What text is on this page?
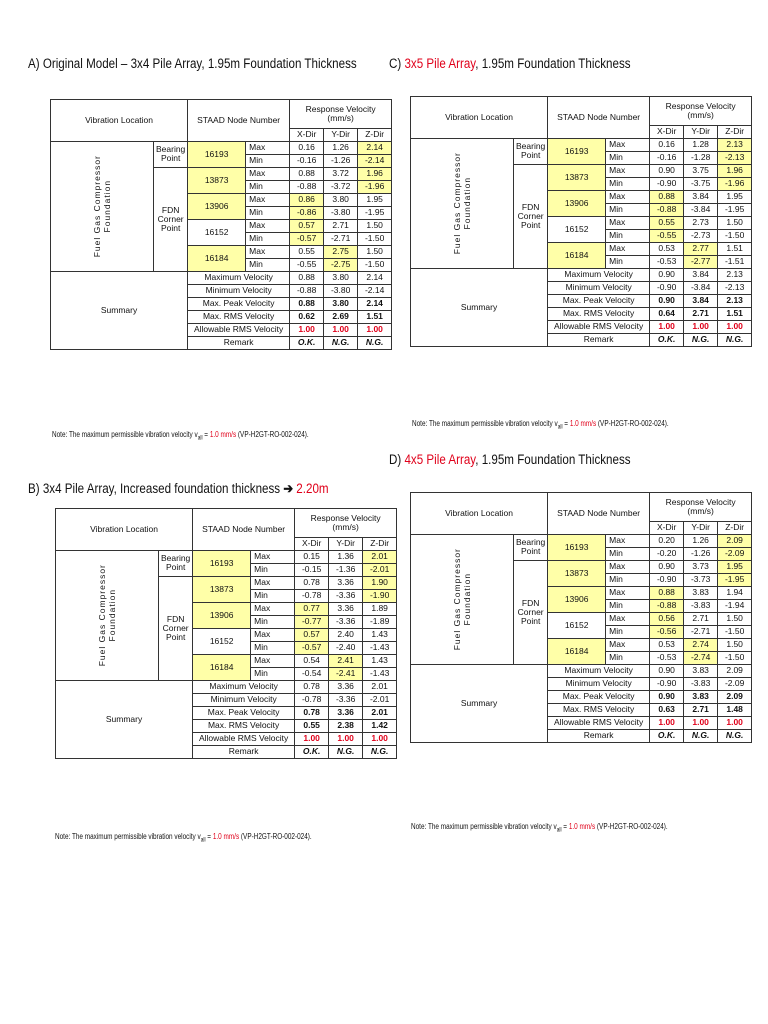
A) Original Model – 3x4 Pile Array, 1.95m Foundation Thickness C) 3x5 Pile Array, 1.95m Foundation Thickness
D) 4x5 Pile Array, 1.95m Foundation Thickness
B) 3x4 Pile Array, Increased foundation thickness ➔ 2.20m
Vibration Location		STAAD Node Number		Response Velocity
(mm/s)		

				X-Dir	Y-Dir	Z-Dir

Fuel Gas Compressor Foundation	Bearing Point	16193	Max	0.16	1.26	2.14
			Min	-0.16	-1.26	-2.14
	FDN Corner Point	13873	Max	0.88	3.72	1.96
			Min	-0.88	-3.72	-1.96
		13906	Max	0.86	3.80	1.95
			Min	-0.86	-3.80	-1.95
		16152	Max	0.57	2.71	1.50
			Min	-0.57	-2.71	-1.50
		16184	Max	0.55	2.75	1.50
			Min	-0.55	-2.75	-1.50
Summary		Maximum Velocity		0.88	3.80	2.14
		Minimum Velocity		-0.88	-3.80	-2.14
		Max. Peak Velocity		0.88	3.80	2.14
		Max. RMS Velocity		0.62	2.69	1.51
		Allowable RMS Velocity		1.00	1.00	1.00
		Remark		O.K.	N.G.	N.G.
Vibration Location		STAAD Node Number		Response Velocity
(mm/s)		

				X-Dir	Y-Dir	Z-Dir

Fuel Gas Compressor Foundation	Bearing Point	16193	Max	0.16	1.28	2.13
			Min	-0.16	-1.28	-2.13
	FDN Corner Point	13873	Max	0.90	3.75	1.96
			Min	-0.90	-3.75	-1.96
		13906	Max	0.88	3.84	1.95
			Min	-0.88	-3.84	-1.95
		16152	Max	0.55	2.73	1.50
			Min	-0.55	-2.73	-1.50
		16184	Max	0.53	2.77	1.51
			Min	-0.53	-2.77	-1.51
Summary		Maximum Velocity		0.90	3.84	2.13
		Minimum Velocity		-0.90	-3.84	-2.13
		Max. Peak Velocity		0.90	3.84	2.13
		Max. RMS Velocity		0.64	2.71	1.51
		Allowable RMS Velocity		1.00	1.00	1.00
		Remark		O.K.	N.G.	N.G.
Vibration Location		STAAD Node Number		Response Velocity
(mm/s)		

				X-Dir	Y-Dir	Z-Dir

Fuel Gas Compressor Foundation	Bearing Point	16193	Max	0.15	1.36	2.01
			Min	-0.15	-1.36	-2.01
	FDN Corner Point	13873	Max	0.78	3.36	1.90
			Min	-0.78	-3.36	-1.90
		13906	Max	0.77	3.36	1.89
			Min	-0.77	-3.36	-1.89
		16152	Max	0.57	2.40	1.43
			Min	-0.57	-2.40	-1.43
		16184	Max	0.54	2.41	1.43
			Min	-0.54	-2.41	-1.43
Summary		Maximum Velocity		0.78	3.36	2.01
		Minimum Velocity		-0.78	-3.36	-2.01
		Max. Peak Velocity		0.78	3.36	2.01
		Max. RMS Velocity		0.55	2.38	1.42
		Allowable RMS Velocity		1.00	1.00	1.00
		Remark		O.K.	N.G.	N.G.
Vibration Location		STAAD Node Number		Response Velocity
(mm/s)		

				X-Dir	Y-Dir	Z-Dir

Fuel Gas Compressor Foundation	Bearing Point	16193	Max	0.20	1.26	2.09
			Min	-0.20	-1.26	-2.09
	FDN Corner Point	13873	Max	0.90	3.73	1.95
			Min	-0.90	-3.73	-1.95
		13906	Max	0.88	3.83	1.94
			Min	-0.88	-3.83	-1.94
		16152	Max	0.56	2.71	1.50
			Min	-0.56	-2.71	-1.50
		16184	Max	0.53	2.74	1.50
			Min	-0.53	-2.74	-1.50
Summary		Maximum Velocity		0.90	3.83	2.09
		Minimum Velocity		-0.90	-3.83	-2.09
		Max. Peak Velocity		0.90	3.83	2.09
		Max. RMS Velocity		0.63	2.71	1.48
		Allowable RMS Velocity		1.00	1.00	1.00
		Remark		O.K.	N.G.	N.G.
Note: The maximum permissible vibration velocity $v_{all} = 1.0$ mm/s (VP-H2GT-RO-002-024).
Note: The maximum permissible vibration velocity $v_{all} = 1.0$ mm/s (VP-H2GT-RO-002-024).
Note: The maximum permissible vibration velocity $v_{all} = 1.0$ mm/s (VP-H2GT-RO-002-024).
Note: The maximum permissible vibration velocity $v_{all} = 1.0$ mm/s (VP-H2GT-RO-002-024).
